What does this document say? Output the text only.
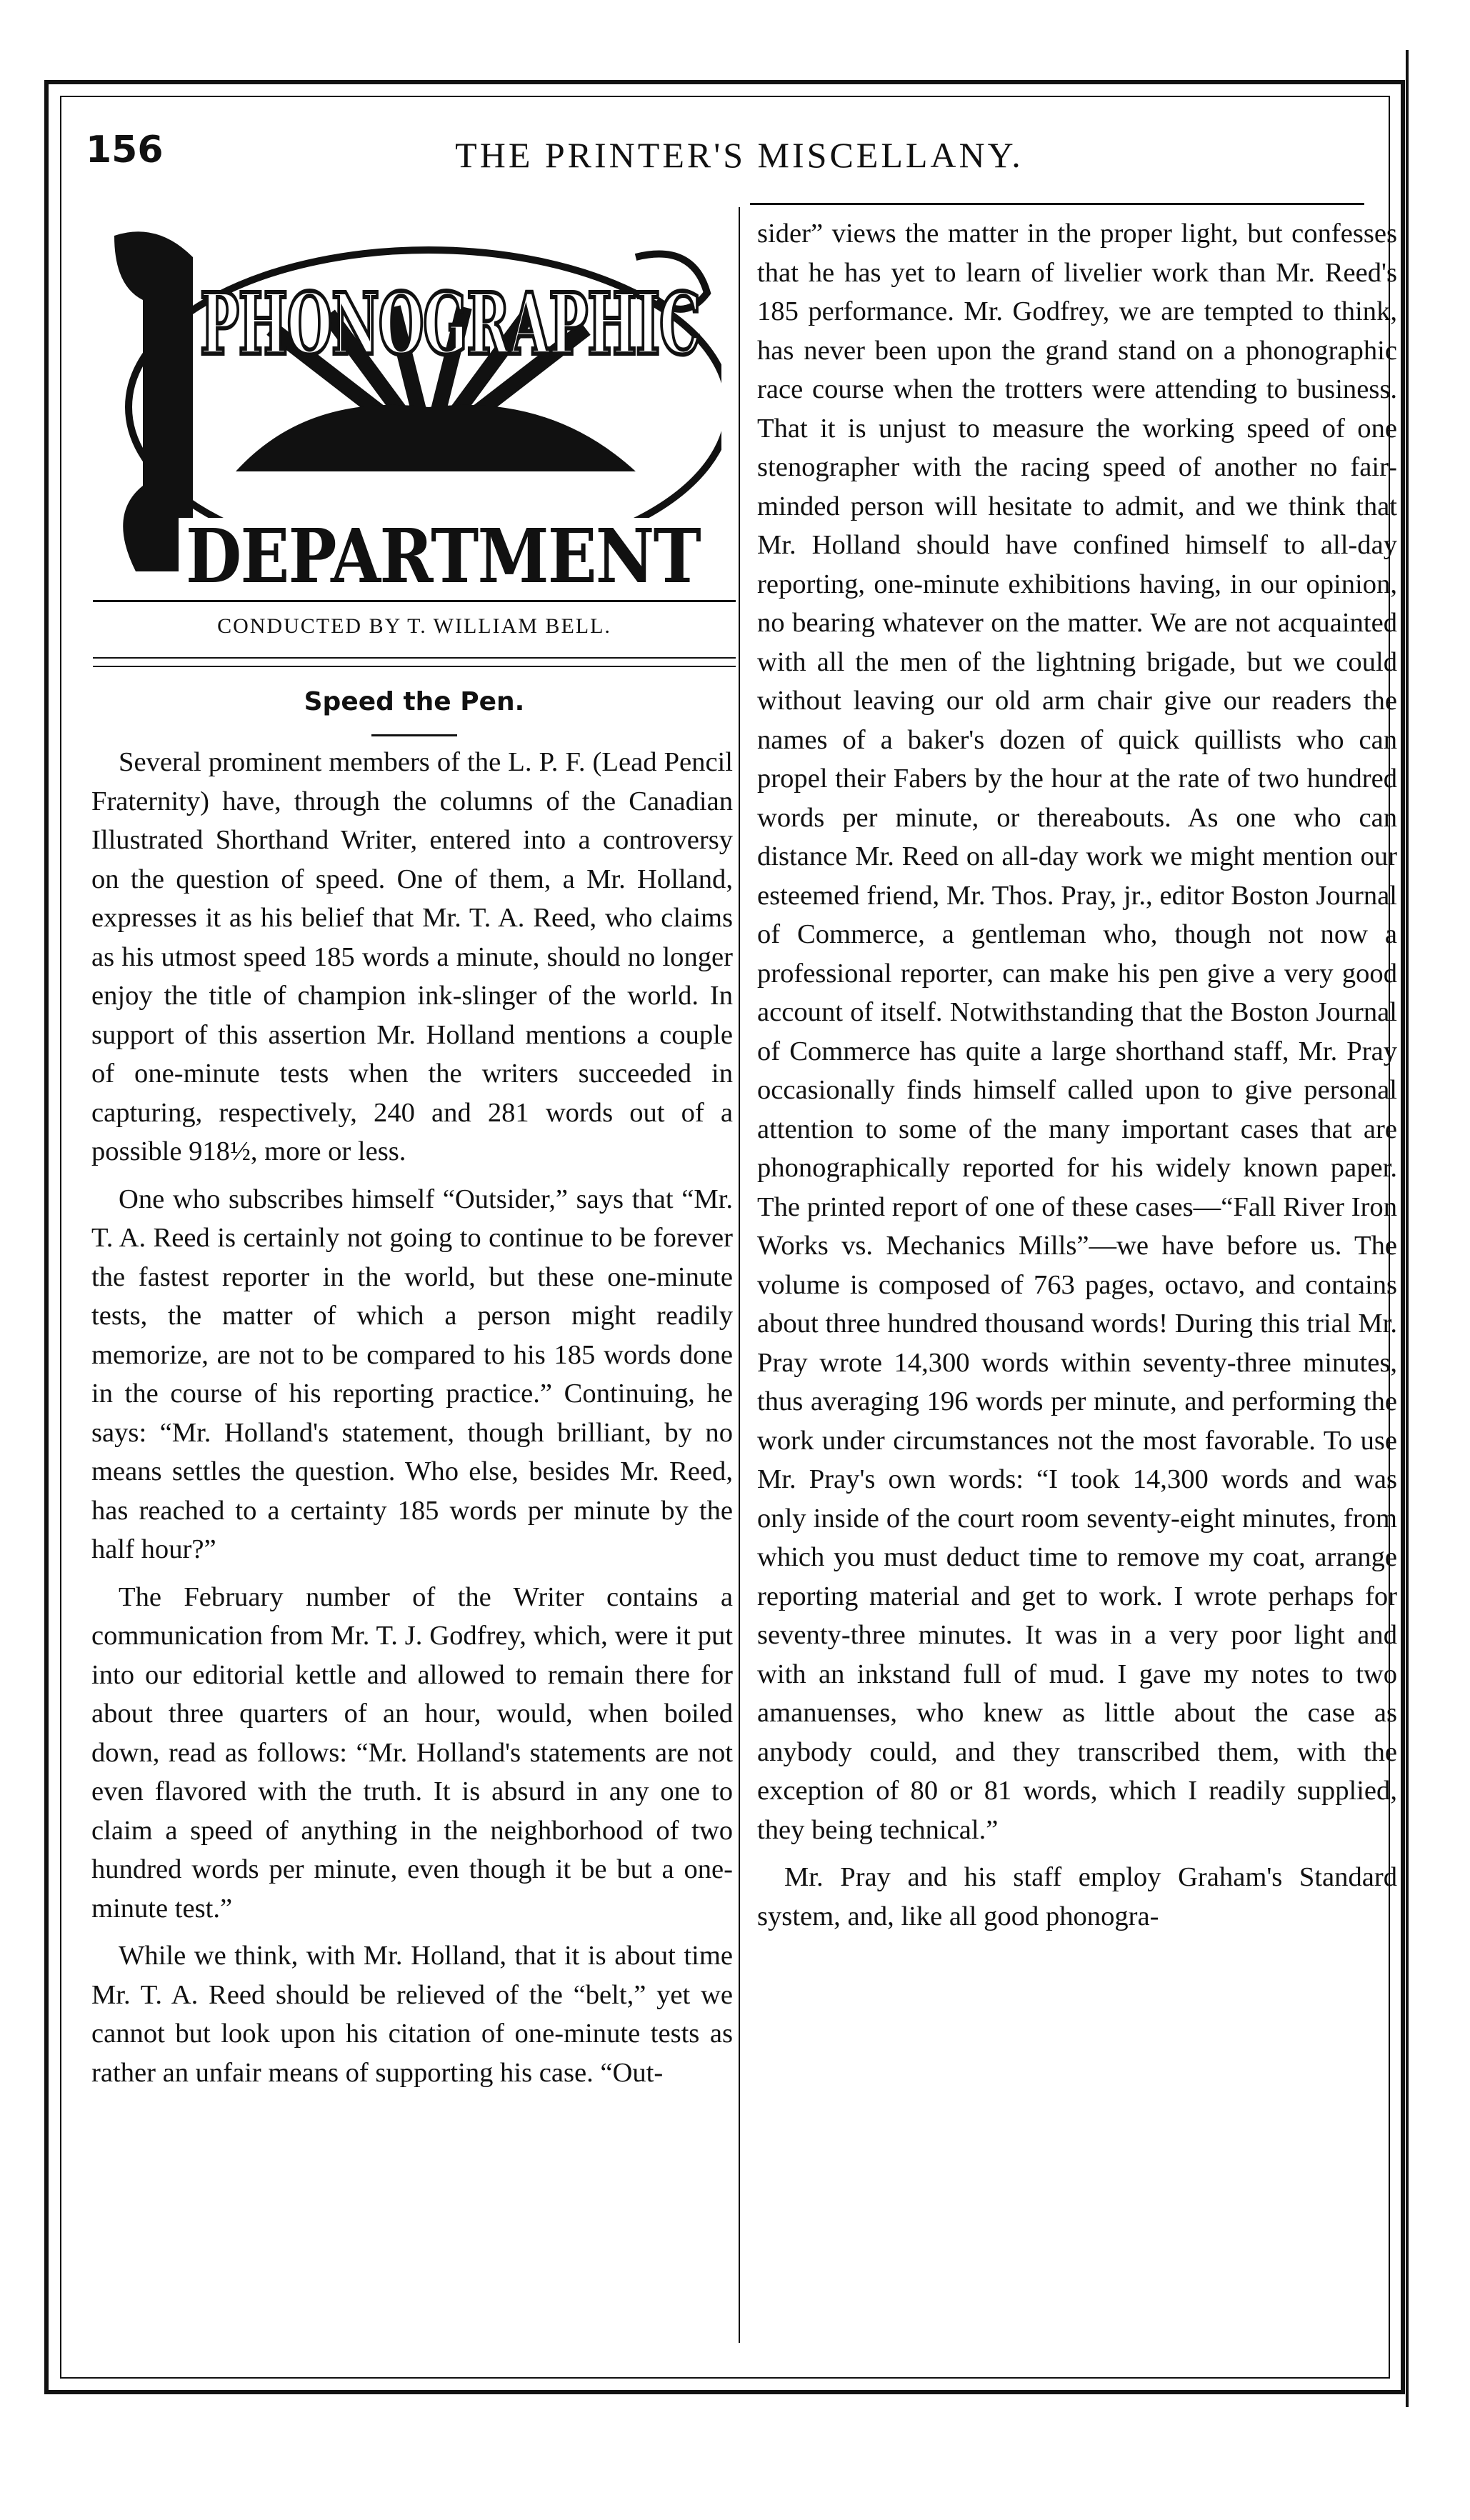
156	THE PRINTER'S MISCELLANY.
PHONOGRAPHIC
DEPARTMENT
CONDUCTED BY T. WILLIAM BELL.
Speed the Pen.

Several prominent members of the L. P. F. (Lead Pencil Fraternity) have, through the columns of the Canadian Illustrated Shorthand Writer, entered into a controversy on the question of speed. One of them, a Mr. Holland, expresses it as his belief that Mr. T. A. Reed, who claims as his utmost speed 185 words a minute, should no longer enjoy the title of champion ink-slinger of the world. In support of this assertion Mr. Holland mentions a couple of one-minute tests when the writers succeeded in capturing, respectively, 240 and 281 words out of a possible 918½, more or less.

One who subscribes himself “Outsider,” says that “Mr. T. A. Reed is certainly not going to continue to be forever the fastest reporter in the world, but these one-minute tests, the matter of which a person might readily memorize, are not to be compared to his 185 words done in the course of his reporting practice.” Continuing, he says: “Mr. Holland's statement, though brilliant, by no means settles the question. Who else, besides Mr. Reed, has reached to a certainty 185 words per minute by the half hour?”

The February number of the Writer contains a communication from Mr. T. J. Godfrey, which, were it put into our editorial kettle and allowed to remain there for about three quarters of an hour, would, when boiled down, read as follows: “Mr. Holland's statements are not even flavored with the truth. It is absurd in any one to claim a speed of anything in the neighborhood of two hundred words per minute, even though it be but a one-minute test.”

While we think, with Mr. Holland, that it is about time Mr. T. A. Reed should be relieved of the “belt,” yet we cannot but look upon his citation of one-minute tests as rather an unfair means of supporting his case. “Out-

sider” views the matter in the proper light, but confesses that he has yet to learn of livelier work than Mr. Reed's 185 performance. Mr. Godfrey, we are tempted to think, has never been upon the grand stand on a phonographic race course when the trotters were attending to business. That it is unjust to measure the working speed of one stenographer with the racing speed of another no fair-minded person will hesitate to admit, and we think that Mr. Holland should have confined himself to all-day reporting, one-minute exhibitions having, in our opinion, no bearing whatever on the matter. We are not acquainted with all the men of the lightning brigade, but we could without leaving our old arm chair give our readers the names of a baker's dozen of quick quillists who can propel their Fabers by the hour at the rate of two hundred words per minute, or thereabouts. As one who can distance Mr. Reed on all-day work we might mention our esteemed friend, Mr. Thos. Pray, jr., editor Boston Journal of Commerce, a gentleman who, though not now a professional reporter, can make his pen give a very good account of itself. Notwithstanding that the Boston Journal of Commerce has quite a large shorthand staff, Mr. Pray occasionally finds himself called upon to give personal attention to some of the many important cases that are phonographically reported for his widely known paper. The printed report of one of these cases—“Fall River Iron Works vs. Mechanics Mills”—we have before us. The volume is composed of 763 pages, octavo, and contains about three hundred thousand words! During this trial Mr. Pray wrote 14,300 words within seventy-three minutes, thus averaging 196 words per minute, and performing the work under circumstances not the most favorable. To use Mr. Pray's own words: “I took 14,300 words and was only inside of the court room seventy-eight minutes, from which you must deduct time to remove my coat, arrange reporting material and get to work. I wrote perhaps for seventy-three minutes. It was in a very poor light and with an inkstand full of mud. I gave my notes to two amanuenses, who knew as little about the case as anybody could, and they transcribed them, with the exception of 80 or 81 words, which I readily supplied, they being technical.”

Mr. Pray and his staff employ Graham's Standard system, and, like all good phonogra-
